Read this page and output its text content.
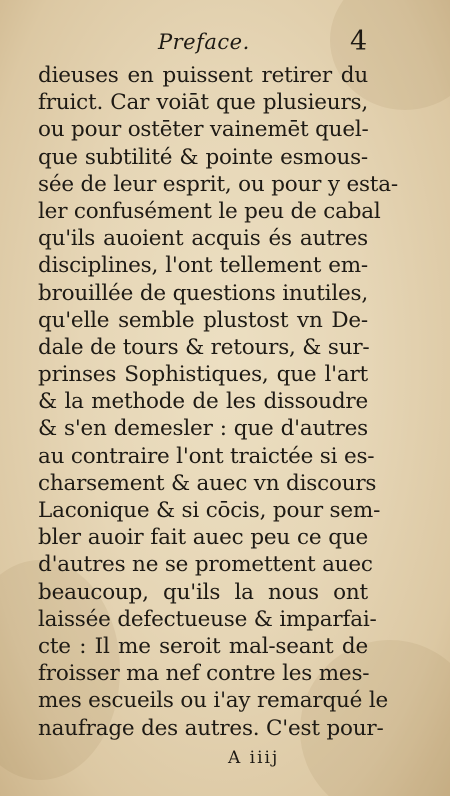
Preface.	4
dieuses en puissent retirer du
fruict. Car voiāt que plusieurs,
ou pour ostēter vainemēt quel-
que subtilité & pointe esmous-
sée de leur esprit, ou pour y esta-
ler confusément le peu de cabal
qu'ils auoient acquis és autres
disciplines, l'ont tellement em-
brouillée de questions inutiles,
qu'elle semble plustost vn De-
dale de tours & retours, & sur-
prinses Sophistiques, que l'art
& la methode de les dissoudre
& s'en demesler : que d'autres
au contraire l'ont traictée si es-
charsement & auec vn discours
Laconique & si cōcis, pour sem-
bler auoir fait auec peu ce que
d'autres ne se promettent auec
beaucoup, qu'ils la nous ont
laissée defectueuse & imparfai-
cte : Il me seroit mal-seant de
froisser ma nef contre les mes-
mes escueils ou i'ay remarqué le
naufrage des autres. C'est pour-
A iiij
